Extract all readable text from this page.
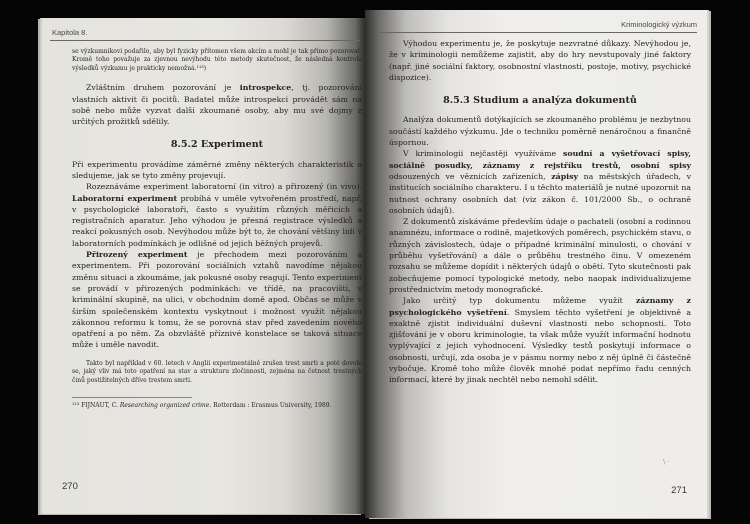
Kapitola 8.

se výzkumníkovi podařilo, aby byl fyzicky přítomen všem akcím a mohl je tak přímo pozorovat. Kromě toho považuje za zjevnou nevýhodu této metody skutečnost, že následná kontrola výsledků výzkumu je prakticky nemožná.¹¹³)

Zvláštním druhem pozorování je introspekce, tj. pozorování vlastních aktivit či pocitů. Badatel může introspekci provádět sám na sobě nebo může vyzvat další zkoumané osoby, aby mu své dojmy z určitých prožitků sdělily.

8.5.2 Experiment

Při experimentu provádíme záměrné změny některých charakteristik a sledujeme, jak se tyto změny projevují.

Rozeznáváme experiment laboratorní (in vitro) a přirozený (in vivo). Laboratorní experiment probíhá v uměle vytvořeném prostředí, např. v psychologické laboratoři, často s využitím různých měřicích a registračních aparatur. Jeho výhodou je přesná registrace výsledků a reakcí pokusných osob. Nevýhodou může být to, že chování většiny lidí v laboratorních podmínkách je odlišné od jejich běžných projevů.

Přirozený experiment je přechodem mezi pozorováním a experimentem. Při pozorování sociálních vztahů navodíme nějakou změnu situaci a zkoumáme, jak pokusné osoby reagují. Tento experiment se provádí v přirozených podmínkách: ve třídě, na pracovišti, v kriminální skupině, na ulici, v obchodním domě apod. Občas se může v širším společenském kontextu vyskytnout i možnost využít nějakou zákonnou reformu k tomu, že se porovná stav před zavedením nového opatření a po něm. Za obzvláště příznivé konstelace se taková situace může i uměle navodit.

Takto byl například v 60. letech v Anglii experimentálně zrušen trest smrti a poté dovolo se, jaký vliv má toto opatření na stav a strukturu zločinnosti, zejména na četnost trestných činů postižitelných dříve trestem smrti.

¹¹³ FIJNAUT, C. Researching organized crime. Rotterdam : Erasmus University, 1989.

270
Kriminologický výzkum

Výhodou experimentu je, že poskytuje nezvratné důkazy. Nevýhodou je, že v kriminologii nemůžeme zajistit, aby do hry nevstupovaly jiné faktory (např. jiné sociální faktory, osobnostní vlastnosti, postoje, motivy, psychické dispozice).

8.5.3 Studium a analýza dokumentů

Analýza dokumentů dotýkajících se zkoumaného problému je nezbytnou součástí každého výzkumu. Jde o techniku poměrně nenáročnou a finančně úspornou.

V kriminologii nejčastěji využíváme soudní a vyšetřovací spisy, sociálně posudky, záznamy z rejstříku trestů, osobní spisy odsouzených ve věznicích zařízeních, zápisy na městských úřadech, v institucích sociálního charakteru. I u těchto materiálů je nutné upozornit na nutnost ochrany osobních dat (viz zákon č. 101/2000 Sb., o ochraně osobních údajů).

Z dokumentů získáváme především údaje o pachateli (osobní a rodinnou anamnézu, informace o rodině, majetkových poměrech, psychickém stavu, o různých závislostech, údaje o případné kriminální minulosti, o chování v průběhu vyšetřování) a dále o průběhu trestného činu. V omezeném rozsahu se můžeme dopídit i některých údajů o obětí. Tyto skutečnosti pak zobecňujeme pomocí typologické metody, nebo naopak individualizujeme prostřednictvím metody monografické.

Jako určitý typ dokumentu můžeme využít záznamy z psychologického vyšetření. Smyslem těchto vyšetření je objektivně a exaktně zjistit individuální duševní vlastnosti nebo schopnosti. Toto zjišťování je v oboru kriminologie, ta však může využít informační hodnotu vyplývající z jejich vyhodnocení. Výsledky testů poskytují informace o osobnosti, určují, zda osoba je v pásmu normy nebo z něj úplně či částečně vybočuje. Kromě toho může člověk mnohé podat nepřímo řadu cenných informací, které by jinak nechtěl nebo nemohl sdělit.

\ ·
271
